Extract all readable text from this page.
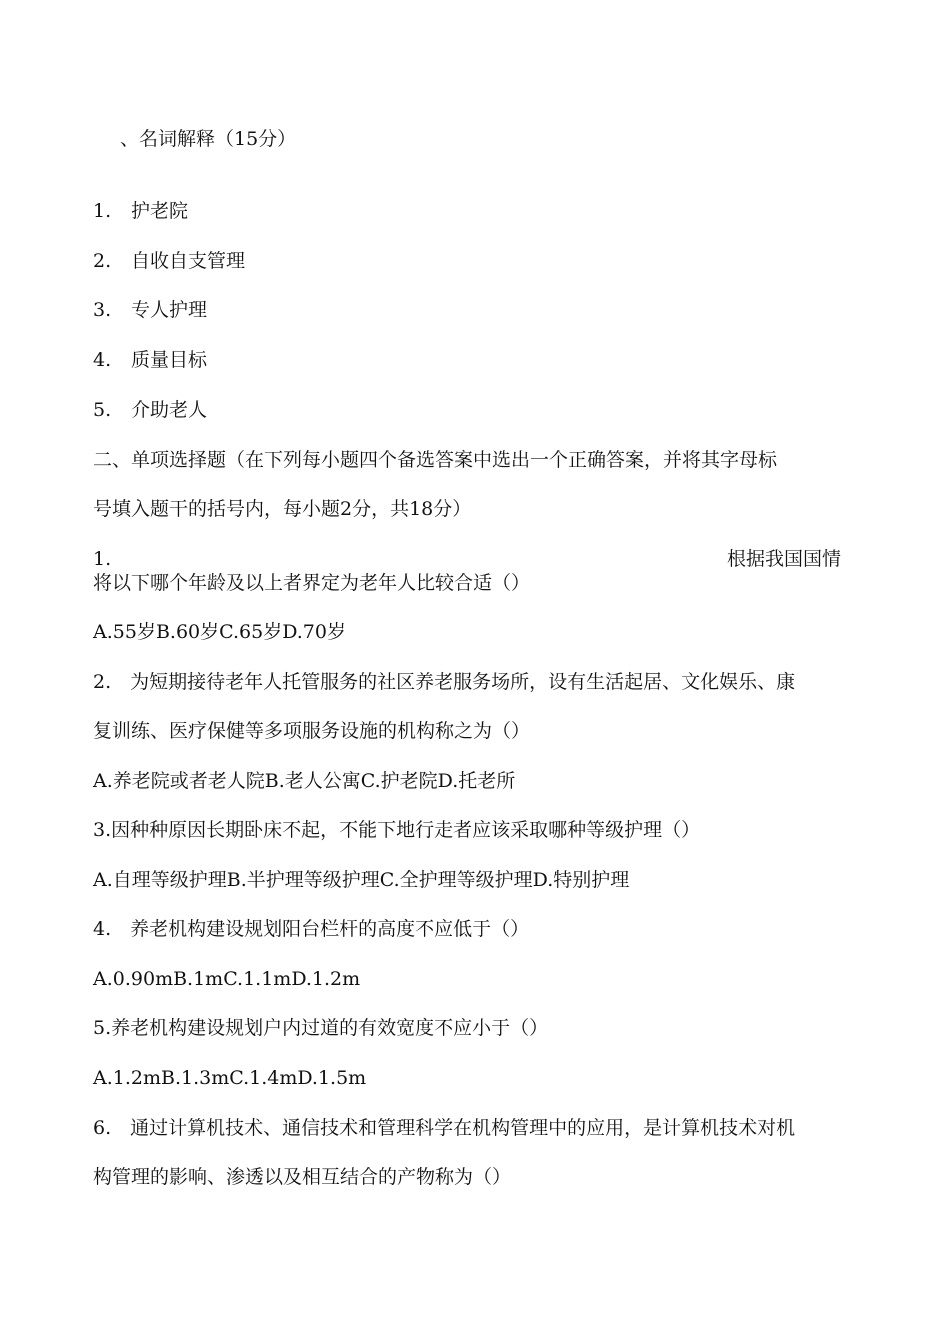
、名词解释（15分）
1. 护老院
2. 自收自支管理
3. 专人护理
4. 质量目标
5. 介助老人
二、单项选择题（在下列每小题四个备选答案中选出一个正确答案，并将其字母标
号填入题干的括号内，每小题2分，共18分）
1.	根据我国国情
将以下哪个年龄及以上者界定为老年人比较合适（）
A.55岁B.60岁C.65岁D.70岁
2.　为短期接待老年人托管服务的社区养老服务场所，设有生活起居、文化娱乐、康
复训练、医疗保健等多项服务设施的机构称之为（）
A.养老院或者老人院B.老人公寓C.护老院D.托老所
3.因种种原因长期卧床不起，不能下地行走者应该采取哪种等级护理（）
A.自理等级护理B.半护理等级护理C.全护理等级护理D.特别护理
4.　养老机构建设规划阳台栏杆的高度不应低于（）
A.0.90mB.1mC.1.1mD.1.2m
5.养老机构建设规划户内过道的有效宽度不应小于（）
A.1.2mB.1.3mC.1.4mD.1.5m
6.　通过计算机技术、通信技术和管理科学在机构管理中的应用，是计算机技术对机
构管理的影响、渗透以及相互结合的产物称为（）
